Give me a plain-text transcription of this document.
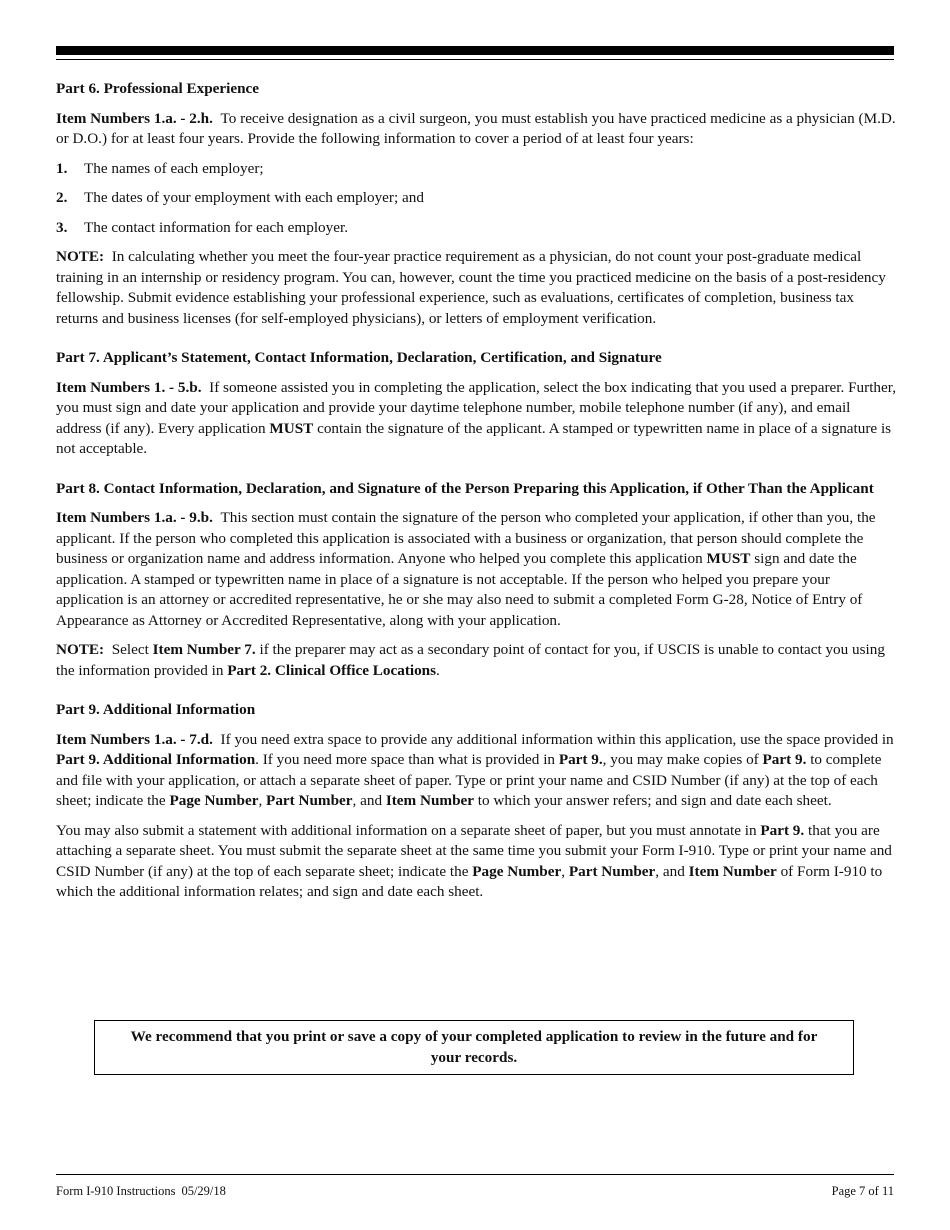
Part 6. Professional Experience

Item Numbers 1.a. - 2.h. To receive designation as a civil surgeon, you must establish you have practiced medicine as a physician (M.D. or D.O.) for at least four years. Provide the following information to cover a period of at least four years:

1.	The names of each employer;
2.	The dates of your employment with each employer; and
3.	The contact information for each employer.

NOTE: In calculating whether you meet the four-year practice requirement as a physician, do not count your post-graduate medical training in an internship or residency program. You can, however, count the time you practiced medicine on the basis of a post-residency fellowship. Submit evidence establishing your professional experience, such as evaluations, certificates of completion, business tax returns and business licenses (for self-employed physicians), or letters of employment verification.

Part 7. Applicant’s Statement, Contact Information, Declaration, Certification, and Signature

Item Numbers 1. - 5.b. If someone assisted you in completing the application, select the box indicating that you used a preparer. Further, you must sign and date your application and provide your daytime telephone number, mobile telephone number (if any), and email address (if any). Every application MUST contain the signature of the applicant. A stamped or typewritten name in place of a signature is not acceptable.

Part 8. Contact Information, Declaration, and Signature of the Person Preparing this Application, if Other Than the Applicant

Item Numbers 1.a. - 9.b. This section must contain the signature of the person who completed your application, if other than you, the applicant. If the person who completed this application is associated with a business or organization, that person should complete the business or organization name and address information. Anyone who helped you complete this application MUST sign and date the application. A stamped or typewritten name in place of a signature is not acceptable. If the person who helped you prepare your application is an attorney or accredited representative, he or she may also need to submit a completed Form G-28, Notice of Entry of Appearance as Attorney or Accredited Representative, along with your application.

NOTE: Select Item Number 7. if the preparer may act as a secondary point of contact for you, if USCIS is unable to contact you using the information provided in Part 2. Clinical Office Locations.

Part 9. Additional Information

Item Numbers 1.a. - 7.d. If you need extra space to provide any additional information within this application, use the space provided in Part 9. Additional Information. If you need more space than what is provided in Part 9., you may make copies of Part 9. to complete and file with your application, or attach a separate sheet of paper. Type or print your name and CSID Number (if any) at the top of each sheet; indicate the Page Number, Part Number, and Item Number to which your answer refers; and sign and date each sheet.

You may also submit a statement with additional information on a separate sheet of paper, but you must annotate in Part 9. that you are attaching a separate sheet. You must submit the separate sheet at the same time you submit your Form I-910. Type or print your name and CSID Number (if any) at the top of each separate sheet; indicate the Page Number, Part Number, and Item Number of Form I-910 to which the additional information relates; and sign and date each sheet.

We recommend that you print or save a copy of your completed application to review in the future and for your records.
Form I-910 Instructions 05/29/18	Page 7 of 11
